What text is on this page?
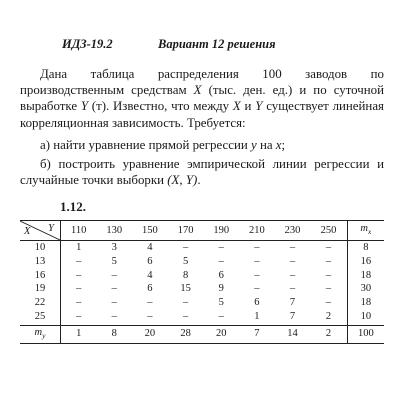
ИДЗ-19.2	Вариант 12 решения
Дана таблица распределения 100 заводов по производственным средствам X (тыс. ден. ед.) и по суточной выработке Y (т). Известно, что между X и Y существует линейная корреляционная зависимость. Требуется:
а) найти уравнение прямой регрессии y на x;
б) построить уравнение эмпирической линии регрессии и случайные точки выборки (X, Y).
1.12.
X Y	110	130	150	170	190	210	230	250	$m_x$
10	1	3	4	–	–	–	–	–	8
13	–	5	6	5	–	–	–	–	16
16	–	–	4	8	6	–	–	–	18
19	–	–	6	15	9	–	–	–	30
22	–	–	–	–	5	6	7	–	18
25	–	–	–	–	–	1	7	2	10
$m_y$	1	8	20	28	20	7	14	2	100
